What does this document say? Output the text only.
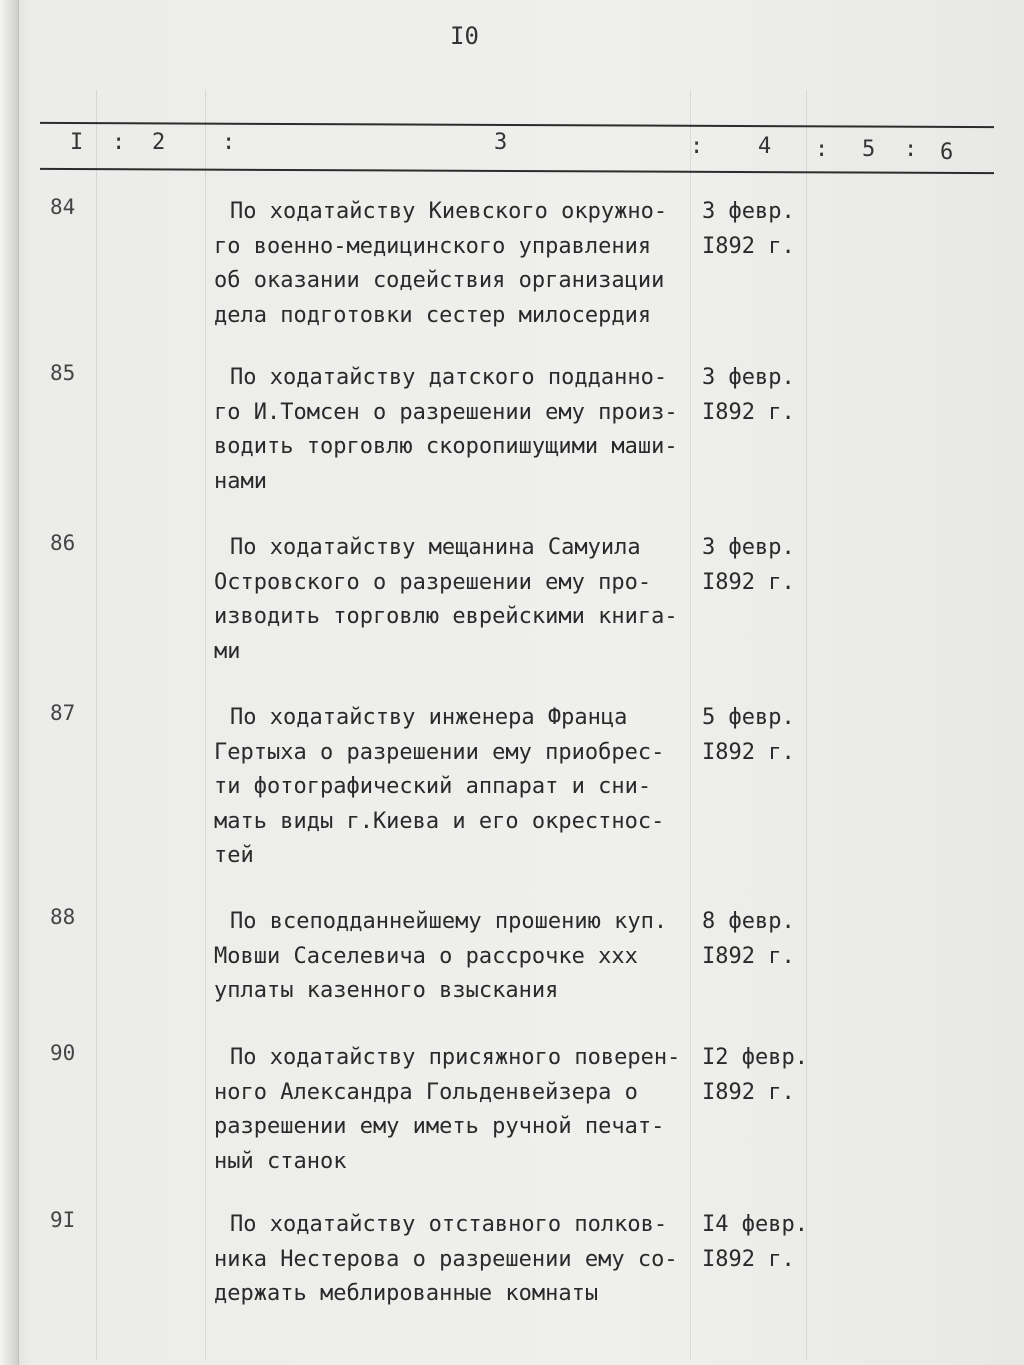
I0
I : 2	:	3	: 4 : 5 : 6
84	По ходатайству Киевского окружно-
го военно-медицинского управления
об оказании содействия организации
дела подготовки сестер милосердия
3 февр.
I892 г.
85	По ходатайству датского подданно-
го И.Томсен о разрешении ему произ-
водить торговлю скоропишущими маши-
нами
3 февр.
I892 г.
86	По ходатайству мещанина Самуила
Островского о разрешении ему про-
изводить торговлю еврейскими книга-
ми
3 февр.
I892 г.
87	По ходатайству инженера Франца
Гертыха о разрешении ему приобрес-
ти фотографический аппарат и сни-
мать виды г.Киева и его окрестнос-
тей
5 февр.
I892 г.
88	По всеподданнейшему прошению куп.
Мовши Саселевича о рассрочке ххх
уплаты казенного взыскания
8 февр.
I892 г.
90	По ходатайству присяжного поверен-
ного Александра Гольденвейзера о
разрешении ему иметь ручной печат-
ный станок
I2 февр.
I892 г.
9I	По ходатайству отставного полков-
ника Нестерова о разрешении ему со-
держать меблированные комнаты
I4 февр.
I892 г.
